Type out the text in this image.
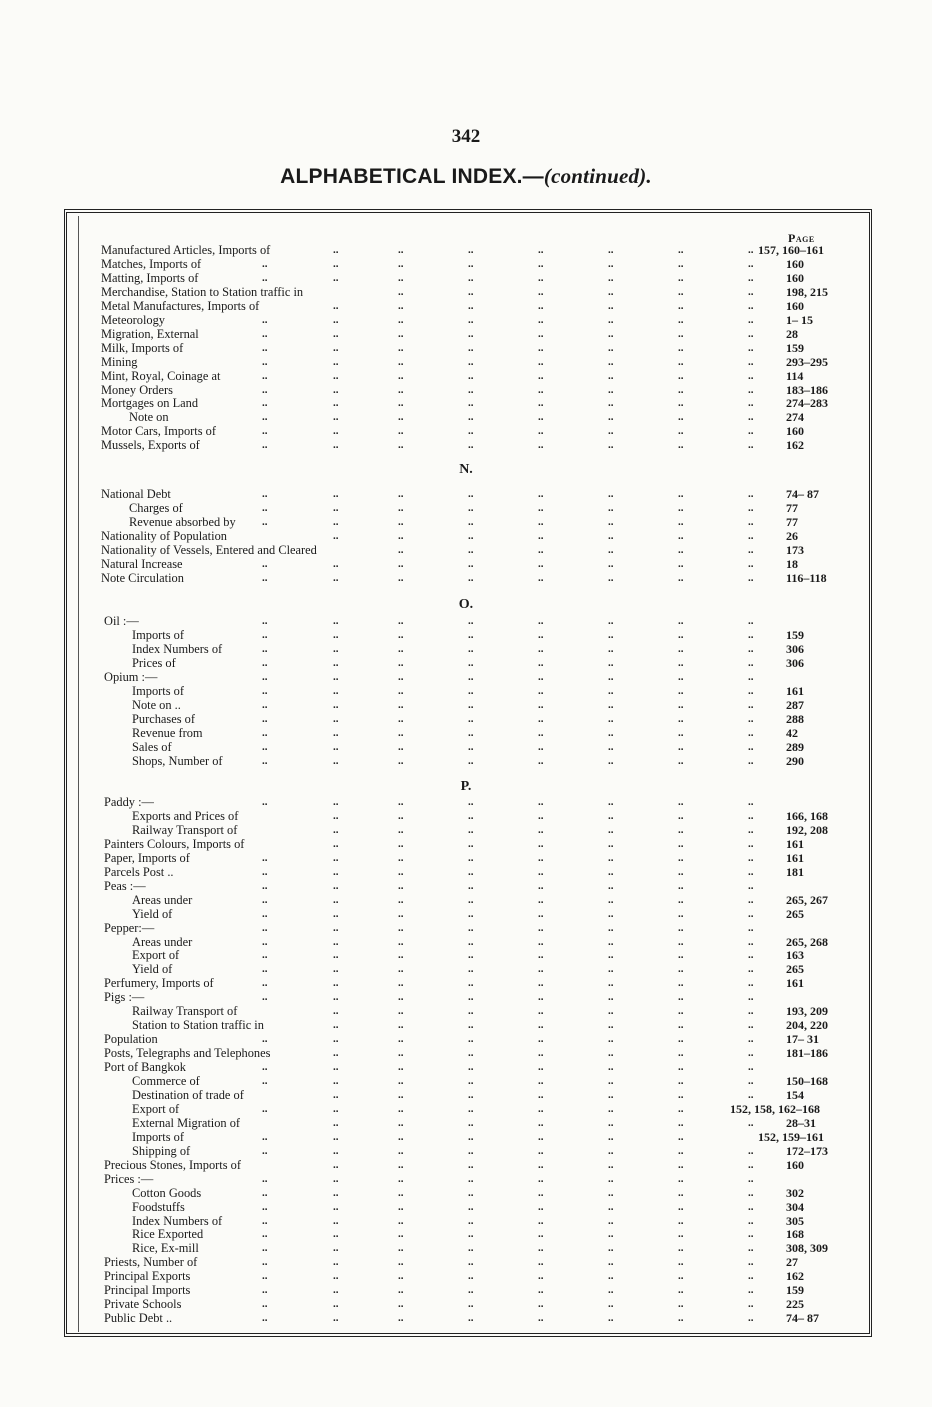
342
ALPHABETICAL INDEX.—(continued).
Page
Manufactured Articles, Imports of	..	..	..	..	..	..	.. 157, 160–161
Matches, Imports of	..	..	..	..	..	..	..	..	160
Matting, Imports of	..	..	..	..	..	..	..	..	160
Merchandise, Station to Station traffic in	..	..	..	..	..	..	198, 215
Metal Manufactures, Imports of	..	..	..	..	..	..	..	160
Meteorology	..	..	..	..	..	..	..	..	1– 15
Migration, External	..	..	..	..	..	..	..	..	28
Milk, Imports of	..	..	..	..	..	..	..	..	159
Mining	..	..	..	..	..	..	..	..	293–295
Mint, Royal, Coinage at	..	..	..	..	..	..	..	..	114
Money Orders	..	..	..	..	..	..	..	..	183–186
Mortgages on Land	..	..	..	..	..	..	..	..	274–283
Note on	..	..	..	..	..	..	..	..	274
Motor Cars, Imports of	..	..	..	..	..	..	..	..	160
Mussels, Exports of	..	..	..	..	..	..	..	..	162
N.
National Debt	..	..	..	..	..	..	..	..	74– 87
Charges of	..	..	..	..	..	..	..	..	77
Revenue absorbed by ..	..	..	..	..	..	..	..	77
Nationality of Population	..	..	..	..	..	..	..	26
Nationality of Vessels, Entered and Cleared	..	..	..	..	..	..	173
Natural Increase	..	..	..	..	..	..	..	..	18
Note Circulation	..	..	..	..	..	..	..	..	116–118
O.
Oil :—	..	..	..	..	..	..	..	..
Imports of	..	..	..	..	..	..	..	..	159
Index Numbers of	..	..	..	..	..	..	..	..	306
Prices of	..	..	..	..	..	..	..	..	306
Opium :—	..	..	..	..	..	..	..	..
Imports of	..	..	..	..	..	..	..	..	161
Note on ..	..	..	..	..	..	..	..	..	287
Purchases of	..	..	..	..	..	..	..	..	288
Revenue from	..	..	..	..	..	..	..	..	42
Sales of	..	..	..	..	..	..	..	..	289
Shops, Number of	..	..	..	..	..	..	..	..	290
P.
Paddy :—	..	..	..	..	..	..	..	..
Exports and Prices of	..	..	..	..	..	..	..	166, 168
Railway Transport of	..	..	..	..	..	..	..	192, 208
Painters Colours, Imports of	..	..	..	..	..	..	..	161
Paper, Imports of	..	..	..	..	..	..	..	..	161
Parcels Post ..	..	..	..	..	..	..	..	..	181
Peas :—	..	..	..	..	..	..	..	..
Areas under	..	..	..	..	..	..	..	..	265, 267
Yield of	..	..	..	..	..	..	..	..	265
Pepper:—	..	..	..	..	..	..	..	..
Areas under	..	..	..	..	..	..	..	..	265, 268
Export of	..	..	..	..	..	..	..	..	163
Yield of	..	..	..	..	..	..	..	..	265
Perfumery, Imports of	..	..	..	..	..	..	..	..	161
Pigs :—	..	..	..	..	..	..	..	..
Railway Transport of	..	..	..	..	..	..	..	193, 209
Station to Station traffic in	..	..	..	..	..	..	..	204, 220
Population	..	..	..	..	..	..	..	..	17– 31
Posts, Telegraphs and Telephones	..	..	..	..	..	..	..	181–186
Port of Bangkok	..	..	..	..	..	..	..	..
Commerce of	..	..	..	..	..	..	..	..	150–168
Destination of trade of	..	..	..	..	..	..	..	154
Export of	..	..	..	..	..	..	..	152, 158, 162–168
External Migration of	..	..	..	..	..	..	..	28–31
Imports of	..	..	..	..	..	..	..	152, 159–161
Shipping of	..	..	..	..	..	..	..	..	172–173
Precious Stones, Imports of	..	..	..	..	..	..	..	160
Prices :—	..	..	..	..	..	..	..	..
Cotton Goods	..	..	..	..	..	..	..	..	302
Foodstuffs	..	..	..	..	..	..	..	..	304
Index Numbers of	..	..	..	..	..	..	..	..	305
Rice Exported	..	..	..	..	..	..	..	..	168
Rice, Ex-mill	..	..	..	..	..	..	..	..	308, 309
Priests, Number of	..	..	..	..	..	..	..	..	27
Principal Exports	..	..	..	..	..	..	..	..	162
Principal Imports	..	..	..	..	..	..	..	..	159
Private Schools	..	..	..	..	..	..	..	..	225
Public Debt ..	..	..	..	..	..	..	..	..	74– 87
